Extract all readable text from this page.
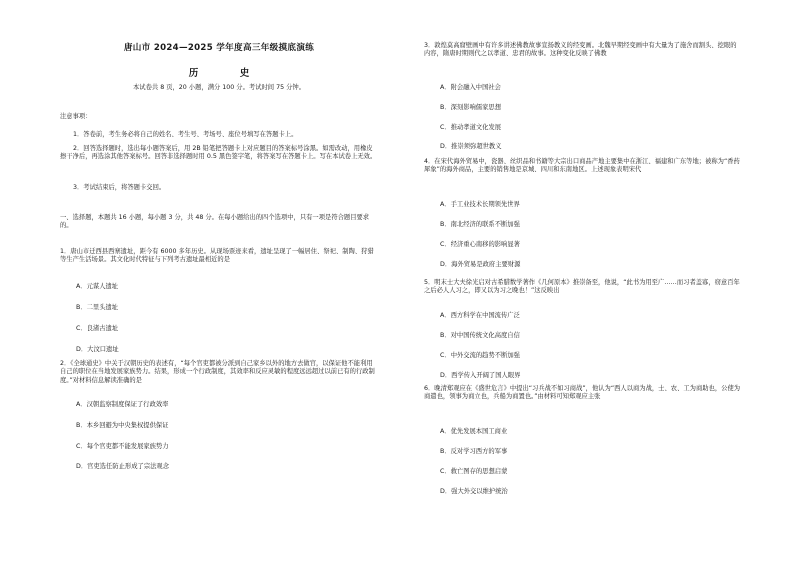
唐山市 2024—2025 学年度高三年级摸底演练
历　史
本试卷共 8 页，20 小题，满分 100 分。考试时间 75 分钟。
注意事项：
1．答卷前，考生务必将自己的姓名、考生号、考场号、座位号填写在答题卡上。
2．回答选择题时，选出每小题答案后，用 2B 铅笔把答题卡上对应题目的答案标号涂黑。如需改动，用橡皮擦干净后，再选涂其他答案标号。回答非选择题时用 0.5 黑色签字笔，将答案写在答题卡上。写在本试卷上无效。
3．考试结束后，将答题卡交回。
一、选择题，本题共 16 小题，每小题 3 分，共 48 分。在每小题给出的四个选项中，只有一项是符合题目要求的。
1．唐山市迁西县西寨遗址，距今有 6000 多年历史。从现场票迹来看，遗址呈现了一幅居住、祭祀、制陶、狩猎等生产生活场景。其文化时代特征与下列考古遗址最相近的是
A．元谋人遗址
B．二里头遗址
C．良渚古遗址
D．大汶口遗址
2．《全球通史》中关于汉朝历史的表述有，“每个官吏都被分派到自己家乡以外的地方去做官，以保证他不能利用自己的职位在当地发展家族势力。结果，形成一个行政制度，其效率和反应灵敏的程度远远超过以前已有的行政制度。”对材料信息解读准确的是
A．汉朝监察制度保证了行政效率
B．本乡回避为中央集权提供保证
C．每个官吏都不能发展家族势力
D．官吏选任防止形成了宗法观念
3．敦煌莫高窟壁画中有许多讲述佛教故事宣扬教义的经变画。北魏早期经变画中有大量为了施舍而割头、挖眼的内容，隋唐时期则代之以孝道、忠君的故事。这种变化反映了佛教
A．附会融入中国社会
B．深刻影响儒家思想
C．推动孝道文化发展
D．推崇须弥超世教义
4．在宋代海外贸易中，瓷器、丝织品和书籍等大宗出口商品产地主要集中在浙江、福建和广东等地；被称为“香药犀象”的海外商品，主要的销售地是京城、四川和东南地区。上述现象表明宋代
A．手工业技术长期领先世界
B．南北经济的联系不断加强
C．经济重心南移的影响显著
D．海外贸易是政府主要财源
5．明末士大夫徐光启对古希腊数学著作《几何原本》推崇备至，他说，“此书为用至广……而习者盖寡，窃意百年之后必人人习之，即又以为习之晚也！”这反映出
A．西方科学在中国流传广泛
B．对中国传统文化高度自信
C．中外交流的趋势不断加强
D．西学传入开阔了国人眼界
6．晚清郑观应在《盛世危言》中提出“习兵战不如习商战”，他认为“西人以商为战，士、农、工为商助也，公使为商遣也，领事为商立也，兵船为商置也。”由材料可知郑观应主张
A．优先发展本国工商业
B．反对学习西方的军事
C．救亡图存的思想启蒙
D．强大外交以维护统治
